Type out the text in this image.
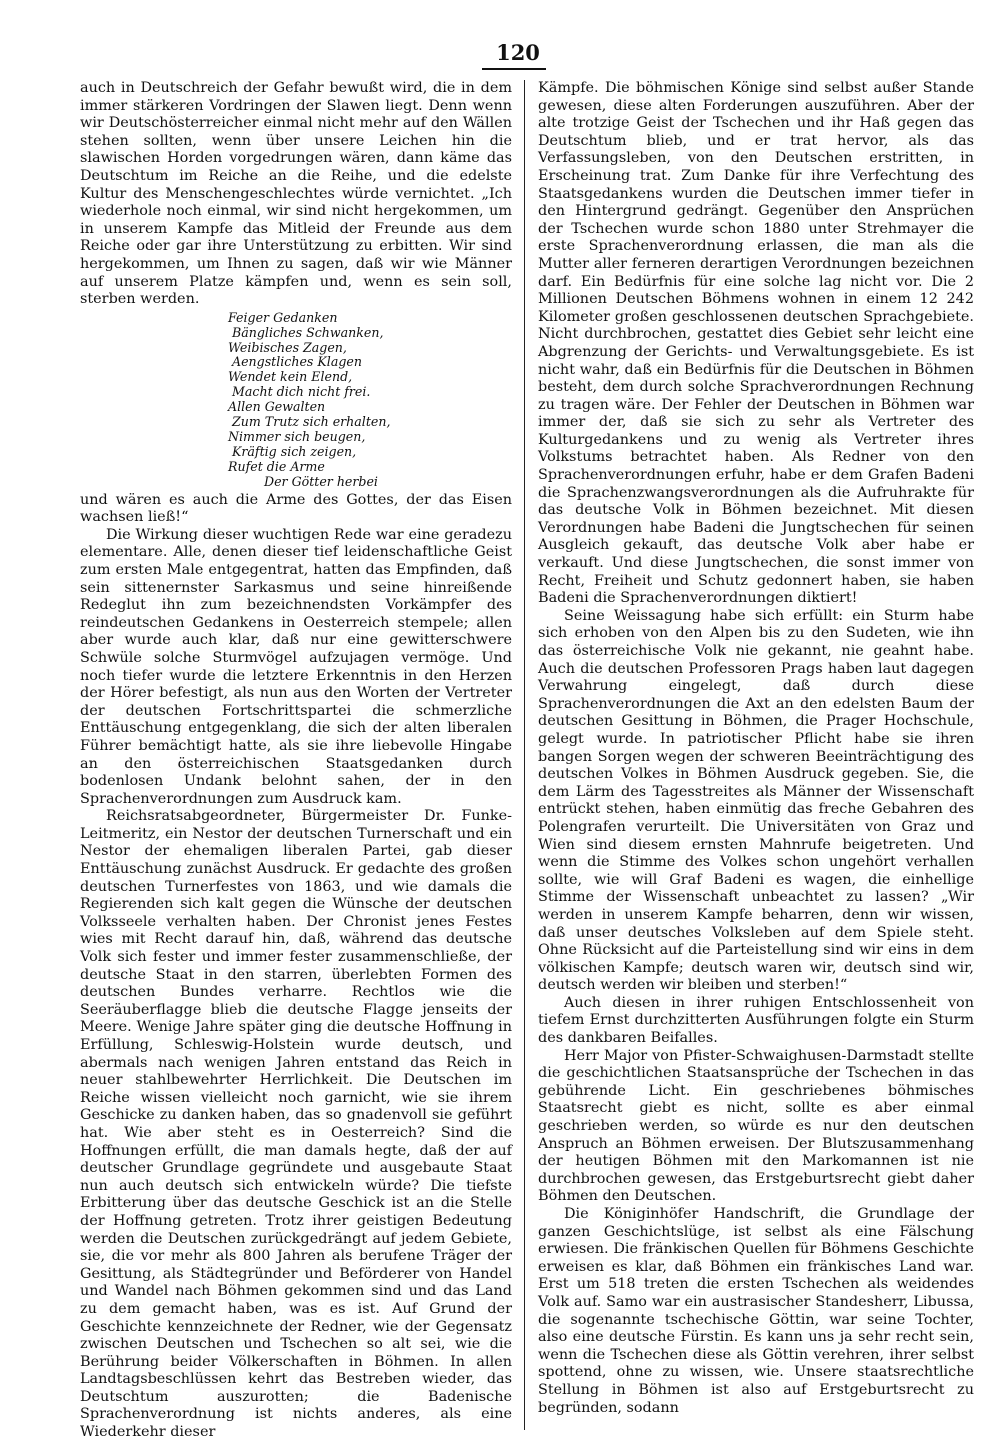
120

auch in Deutschreich der Gefahr bewußt wird, die in dem immer stärkeren Vordringen der Slawen liegt. Denn wenn wir Deutschösterreicher einmal nicht mehr auf den Wällen stehen sollten, wenn über unsere Leichen hin die slawischen Horden vorgedrungen wären, dann käme das Deutschtum im Reiche an die Reihe, und die edelste Kultur des Menschengeschlechtes würde vernichtet. „Ich wiederhole noch einmal, wir sind nicht hergekommen, um in unserem Kampfe das Mitleid der Freunde aus dem Reiche oder gar ihre Unterstützung zu erbitten. Wir sind hergekommen, um Ihnen zu sagen, daß wir wie Männer auf unserem Platze kämpfen und, wenn es sein soll, sterben werden.

Feiger Gedanken
Bängliches Schwanken,
Weibisches Zagen,
Aengstliches Klagen
Wendet kein Elend,
Macht dich nicht frei.
Allen Gewalten
Zum Trutz sich erhalten,
Nimmer sich beugen,
Kräftig sich zeigen,
Rufet die Arme
Der Götter herbei

und wären es auch die Arme des Gottes, der das Eisen wachsen ließ!“

Die Wirkung dieser wuchtigen Rede war eine geradezu elementare. Alle, denen dieser tief leidenschaftliche Geist zum ersten Male entgegentrat, hatten das Empfinden, daß sein sittenernster Sarkasmus und seine hinreißende Redeglut ihn zum bezeichnendsten Vorkämpfer des reindeutschen Gedankens in Oesterreich stempele; allen aber wurde auch klar, daß nur eine gewitterschwere Schwüle solche Sturmvögel aufzujagen vermöge. Und noch tiefer wurde die letztere Erkenntnis in den Herzen der Hörer befestigt, als nun aus den Worten der Vertreter der deutschen Fortschrittspartei die schmerzliche Enttäuschung entgegenklang, die sich der alten liberalen Führer bemächtigt hatte, als sie ihre liebevolle Hingabe an den österreichischen Staatsgedanken durch bodenlosen Undank belohnt sahen, der in den Sprachenverordnungen zum Ausdruck kam.

Reichsratsabgeordneter, Bürgermeister Dr. Funke-Leitmeritz, ein Nestor der deutschen Turnerschaft und ein Nestor der ehemaligen liberalen Partei, gab dieser Enttäuschung zunächst Ausdruck. Er gedachte des großen deutschen Turnerfestes von 1863, und wie damals die Regierenden sich kalt gegen die Wünsche der deutschen Volksseele verhalten haben. Der Chronist jenes Festes wies mit Recht darauf hin, daß, während das deutsche Volk sich fester und immer fester zusammenschließe, der deutsche Staat in den starren, überlebten Formen des deutschen Bundes verharre. Rechtlos wie die Seeräuberflagge blieb die deutsche Flagge jenseits der Meere. Wenige Jahre später ging die deutsche Hoffnung in Erfüllung, Schleswig-Holstein wurde deutsch, und abermals nach wenigen Jahren entstand das Reich in neuer stahlbewehrter Herrlichkeit. Die Deutschen im Reiche wissen vielleicht noch garnicht, wie sie ihrem Geschicke zu danken haben, das so gnadenvoll sie geführt hat. Wie aber steht es in Oesterreich? Sind die Hoffnungen erfüllt, die man damals hegte, daß der auf deutscher Grundlage gegründete und ausgebaute Staat nun auch deutsch sich entwickeln würde? Die tiefste Erbitterung über das deutsche Geschick ist an die Stelle der Hoffnung getreten. Trotz ihrer geistigen Bedeutung werden die Deutschen zurückgedrängt auf jedem Gebiete, sie, die vor mehr als 800 Jahren als berufene Träger der Gesittung, als Städtegründer und Beförderer von Handel und Wandel nach Böhmen gekommen sind und das Land zu dem gemacht haben, was es ist. Auf Grund der Geschichte kennzeichnete der Redner, wie der Gegensatz zwischen Deutschen und Tschechen so alt sei, wie die Berührung beider Völkerschaften in Böhmen. In allen Landtagsbeschlüssen kehrt das Bestreben wieder, das Deutschtum auszurotten; die Badenische Sprachenverordnung ist nichts anderes, als eine Wiederkehr dieser

Kämpfe. Die böhmischen Könige sind selbst außer Stande gewesen, diese alten Forderungen auszuführen. Aber der alte trotzige Geist der Tschechen und ihr Haß gegen das Deutschtum blieb, und er trat hervor, als das Verfassungsleben, von den Deutschen erstritten, in Erscheinung trat. Zum Danke für ihre Verfechtung des Staatsgedankens wurden die Deutschen immer tiefer in den Hintergrund gedrängt. Gegenüber den Ansprüchen der Tschechen wurde schon 1880 unter Strehmayer die erste Sprachenverordnung erlassen, die man als die Mutter aller ferneren derartigen Verordnungen bezeichnen darf. Ein Bedürfnis für eine solche lag nicht vor. Die 2 Millionen Deutschen Böhmens wohnen in einem 12 242 Kilometer großen geschlossenen deutschen Sprachgebiete. Nicht durchbrochen, gestattet dies Gebiet sehr leicht eine Abgrenzung der Gerichts- und Verwaltungsgebiete. Es ist nicht wahr, daß ein Bedürfnis für die Deutschen in Böhmen besteht, dem durch solche Sprachverordnungen Rechnung zu tragen wäre. Der Fehler der Deutschen in Böhmen war immer der, daß sie sich zu sehr als Vertreter des Kulturgedankens und zu wenig als Vertreter ihres Volkstums betrachtet haben. Als Redner von den Sprachenverordnungen erfuhr, habe er dem Grafen Badeni die Sprachenzwangsverordnungen als die Aufruhrakte für das deutsche Volk in Böhmen bezeichnet. Mit diesen Verordnungen habe Badeni die Jungtschechen für seinen Ausgleich gekauft, das deutsche Volk aber habe er verkauft. Und diese Jungtschechen, die sonst immer von Recht, Freiheit und Schutz gedonnert haben, sie haben Badeni die Sprachenverordnungen diktiert!

Seine Weissagung habe sich erfüllt: ein Sturm habe sich erhoben von den Alpen bis zu den Sudeten, wie ihn das österreichische Volk nie gekannt, nie geahnt habe. Auch die deutschen Professoren Prags haben laut dagegen Verwahrung eingelegt, daß durch diese Sprachenverordnungen die Axt an den edelsten Baum der deutschen Gesittung in Böhmen, die Prager Hochschule, gelegt wurde. In patriotischer Pflicht habe sie ihren bangen Sorgen wegen der schweren Beeinträchtigung des deutschen Volkes in Böhmen Ausdruck gegeben. Sie, die dem Lärm des Tagesstreites als Männer der Wissenschaft entrückt stehen, haben einmütig das freche Gebahren des Polengrafen verurteilt. Die Universitäten von Graz und Wien sind diesem ernsten Mahnrufe beigetreten. Und wenn die Stimme des Volkes schon ungehört verhallen sollte, wie will Graf Badeni es wagen, die einhellige Stimme der Wissenschaft unbeachtet zu lassen? „Wir werden in unserem Kampfe beharren, denn wir wissen, daß unser deutsches Volksleben auf dem Spiele steht. Ohne Rücksicht auf die Parteistellung sind wir eins in dem völkischen Kampfe; deutsch waren wir, deutsch sind wir, deutsch werden wir bleiben und sterben!“

Auch diesen in ihrer ruhigen Entschlossenheit von tiefem Ernst durchzitterten Ausführungen folgte ein Sturm des dankbaren Beifalles.

Herr Major von Pfister-Schwaighusen-Darmstadt stellte die geschichtlichen Staatsansprüche der Tschechen in das gebührende Licht. Ein geschriebenes böhmisches Staatsrecht giebt es nicht, sollte es aber einmal geschrieben werden, so würde es nur den deutschen Anspruch an Böhmen erweisen. Der Blutszusammenhang der heutigen Böhmen mit den Markomannen ist nie durchbrochen gewesen, das Erstgeburtsrecht giebt daher Böhmen den Deutschen.

Die Königinhöfer Handschrift, die Grundlage der ganzen Geschichtslüge, ist selbst als eine Fälschung erwiesen. Die fränkischen Quellen für Böhmens Geschichte erweisen es klar, daß Böhmen ein fränkisches Land war. Erst um 518 treten die ersten Tschechen als weidendes Volk auf. Samo war ein austrasischer Standesherr, Libussa, die sogenannte tschechische Göttin, war seine Tochter, also eine deutsche Fürstin. Es kann uns ja sehr recht sein, wenn die Tschechen diese als Göttin verehren, ihrer selbst spottend, ohne zu wissen, wie. Unsere staatsrechtliche Stellung in Böhmen ist also auf Erstgeburtsrecht zu begründen, sodann
